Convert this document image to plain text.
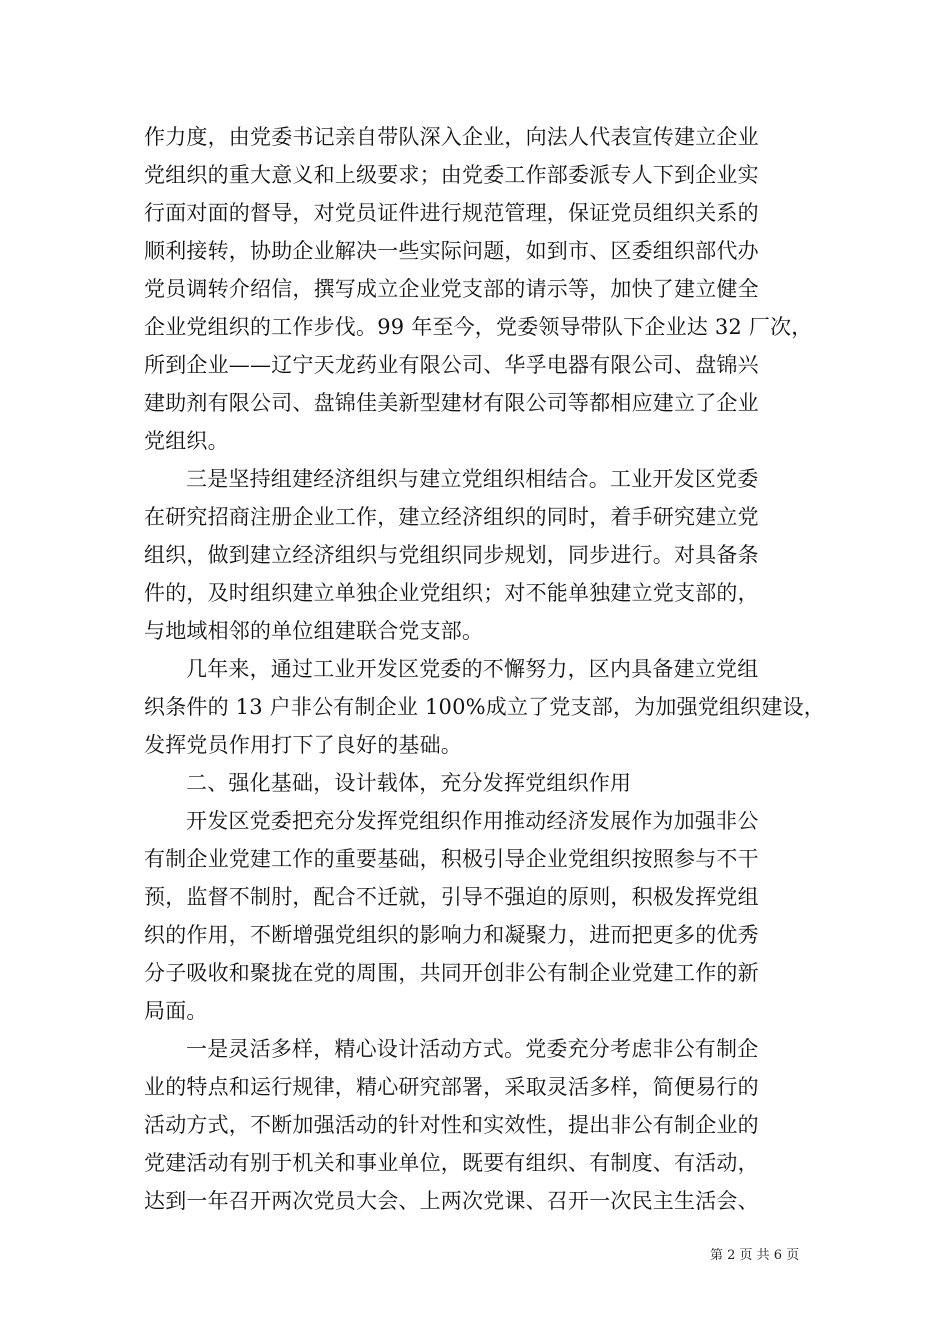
作力度，由党委书记亲自带队深入企业，向法人代表宣传建立企业
党组织的重大意义和上级要求；由党委工作部委派专人下到企业实
行面对面的督导，对党员证件进行规范管理，保证党员组织关系的
顺利接转，协助企业解决一些实际问题，如到市、区委组织部代办
党员调转介绍信，撰写成立企业党支部的请示等，加快了建立健全
企业党组织的工作步伐。99 年至今，党委领导带队下企业达 32 厂次，
所到企业——辽宁天龙药业有限公司、华孚电器有限公司、盘锦兴
建助剂有限公司、盘锦佳美新型建材有限公司等都相应建立了企业
党组织。
三是坚持组建经济组织与建立党组织相结合。工业开发区党委
在研究招商注册企业工作，建立经济组织的同时，着手研究建立党
组织，做到建立经济组织与党组织同步规划，同步进行。对具备条
件的，及时组织建立单独企业党组织；对不能单独建立党支部的，
与地域相邻的单位组建联合党支部。
几年来，通过工业开发区党委的不懈努力，区内具备建立党组
织条件的 13 户非公有制企业 100%成立了党支部，为加强党组织建设，
发挥党员作用打下了良好的基础。
二、强化基础，设计载体，充分发挥党组织作用
开发区党委把充分发挥党组织作用推动经济发展作为加强非公
有制企业党建工作的重要基础，积极引导企业党组织按照参与不干
预，监督不制肘，配合不迁就，引导不强迫的原则，积极发挥党组
织的作用，不断增强党组织的影响力和凝聚力，进而把更多的优秀
分子吸收和聚拢在党的周围，共同开创非公有制企业党建工作的新
局面。
一是灵活多样，精心设计活动方式。党委充分考虑非公有制企
业的特点和运行规律，精心研究部署，采取灵活多样，简便易行的
活动方式，不断加强活动的针对性和实效性，提出非公有制企业的
党建活动有别于机关和事业单位，既要有组织、有制度、有活动，
达到一年召开两次党员大会、上两次党课、召开一次民主生活会、
第 2 页 共 6 页
